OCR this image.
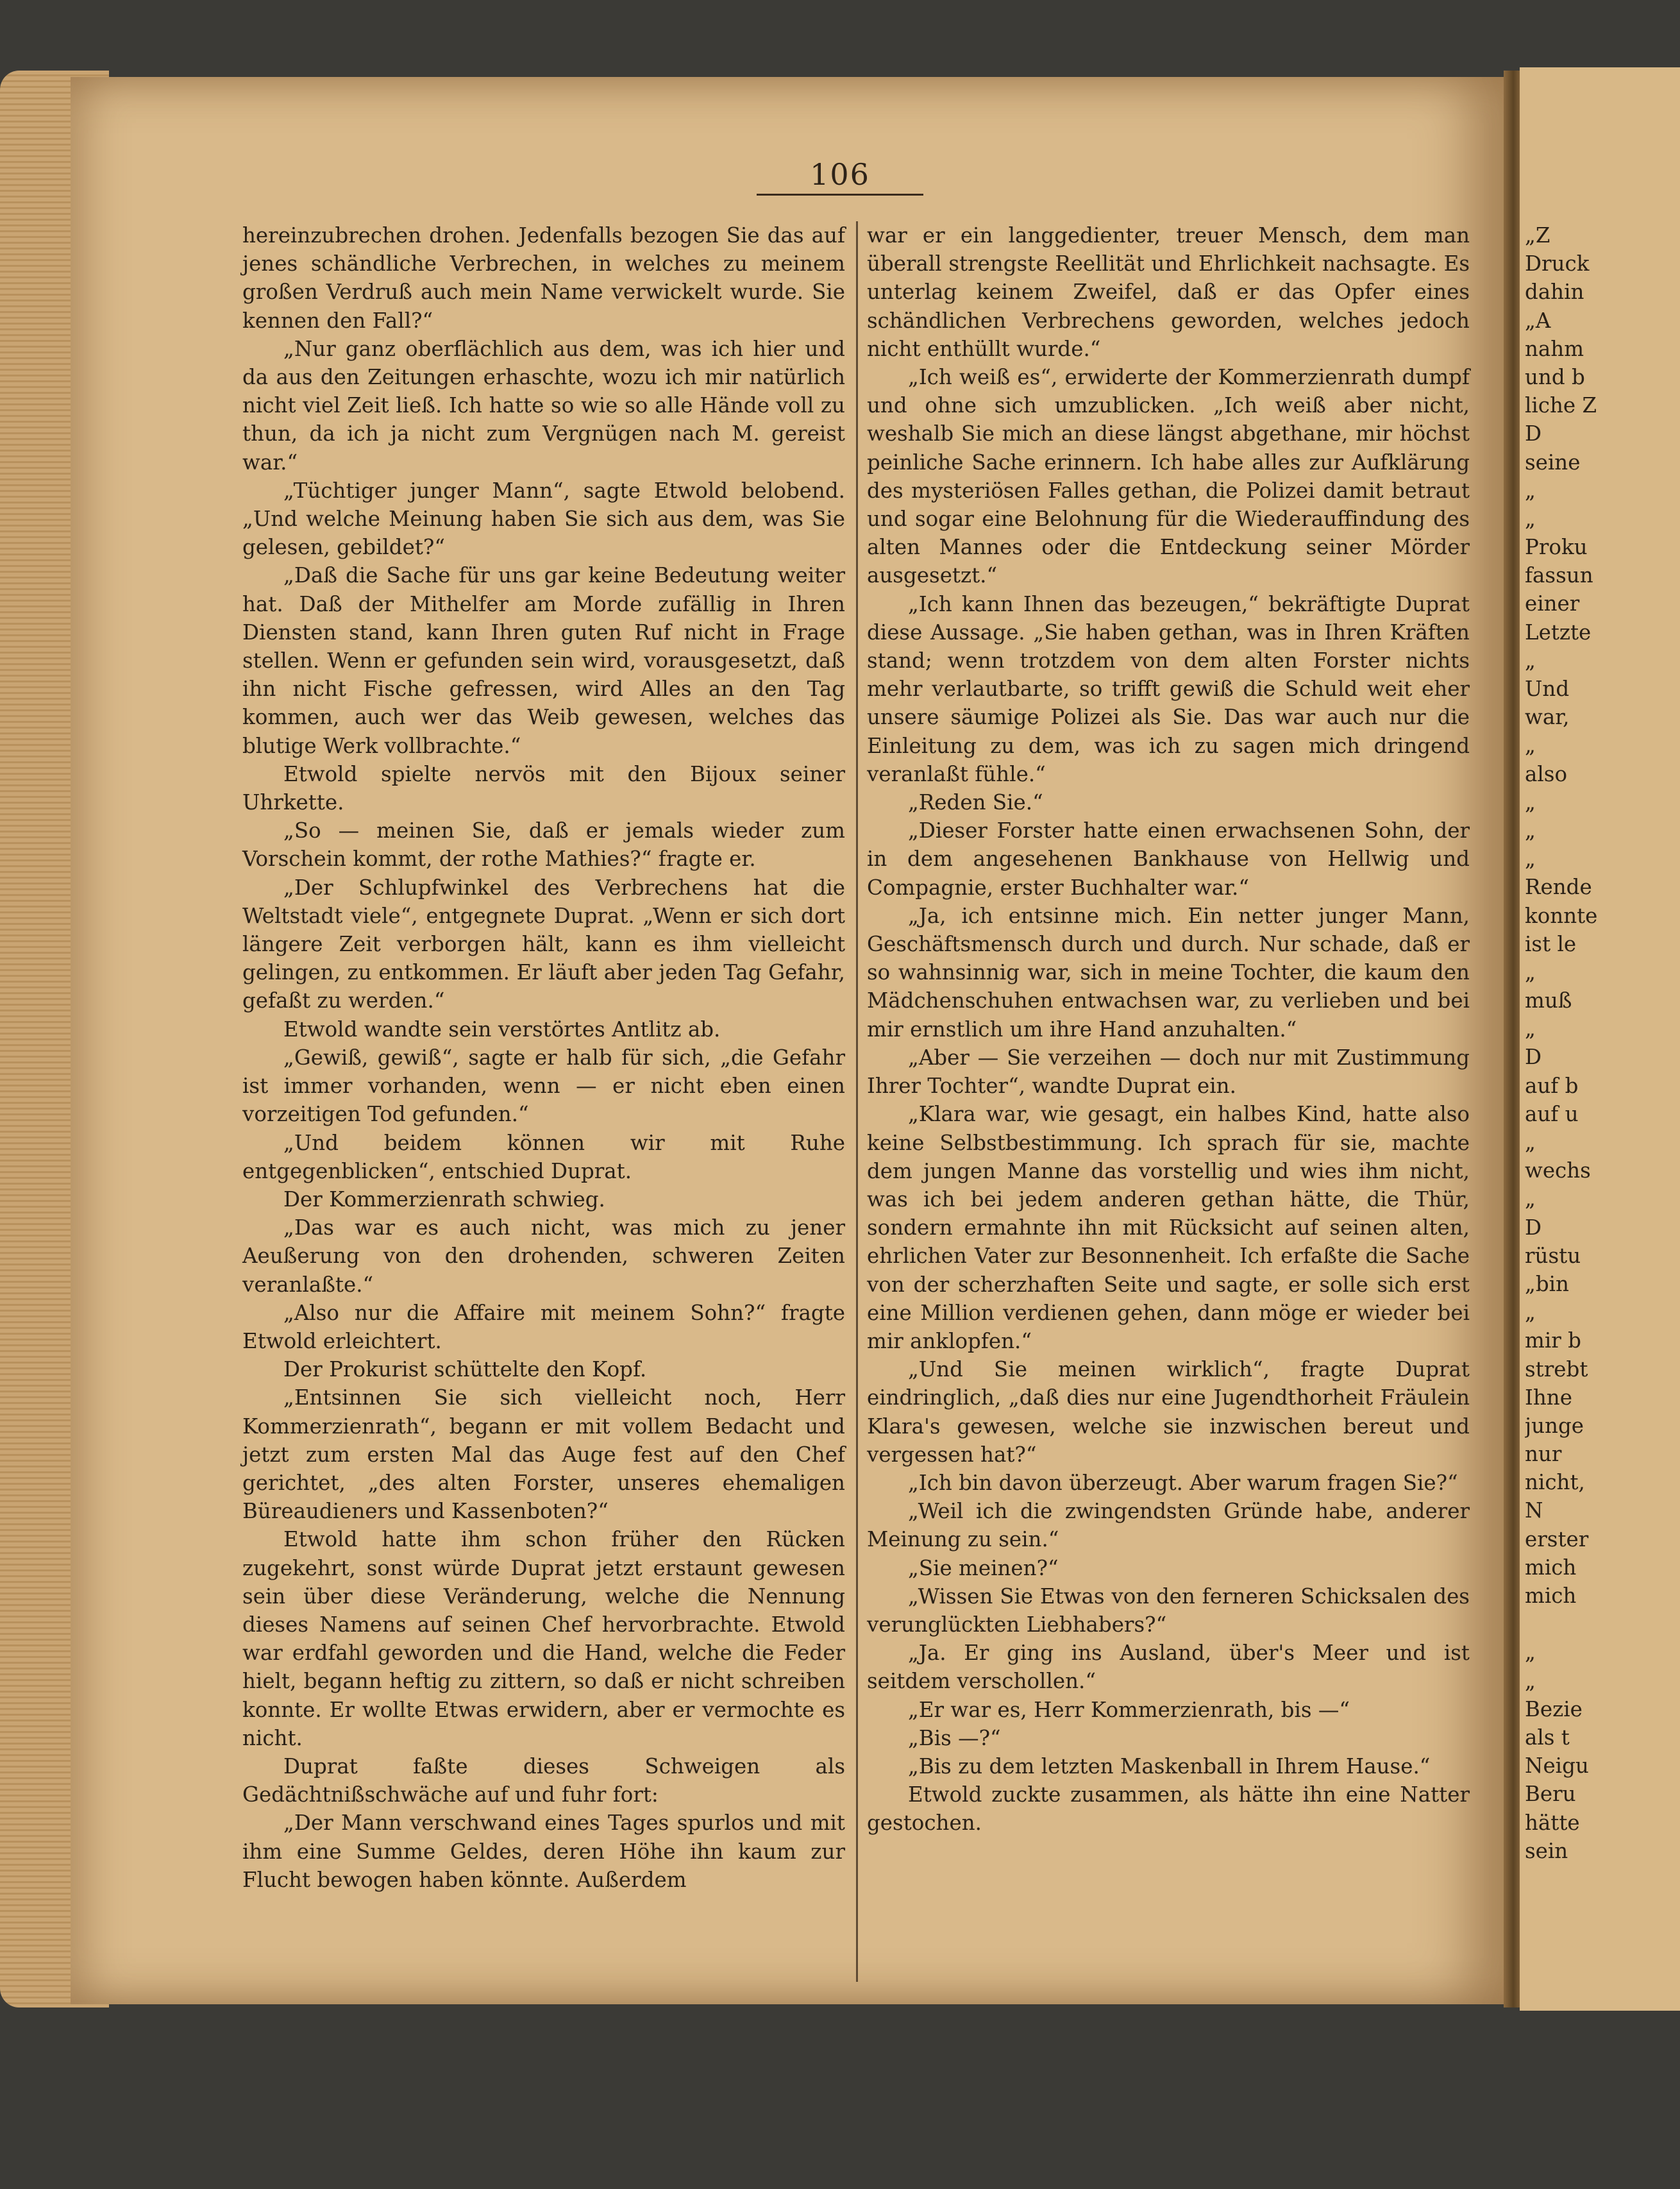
106

hereinzubrechen drohen. Jedenfalls bezogen Sie das auf jenes schändliche Verbrechen, in welches zu meinem großen Verdruß auch mein Name verwickelt wurde. Sie kennen den Fall?“

„Nur ganz oberflächlich aus dem, was ich hier und da aus den Zeitungen erhaschte, wozu ich mir natürlich nicht viel Zeit ließ. Ich hatte so wie so alle Hände voll zu thun, da ich ja nicht zum Vergnügen nach M. gereist war.“

„Tüchtiger junger Mann“, sagte Etwold belobend. „Und welche Meinung haben Sie sich aus dem, was Sie gelesen, gebildet?“

„Daß die Sache für uns gar keine Bedeutung weiter hat. Daß der Mithelfer am Morde zufällig in Ihren Diensten stand, kann Ihren guten Ruf nicht in Frage stellen. Wenn er gefunden sein wird, vorausgesetzt, daß ihn nicht Fische gefressen, wird Alles an den Tag kommen, auch wer das Weib gewesen, welches das blutige Werk vollbrachte.“

Etwold spielte nervös mit den Bijoux seiner Uhrkette.

„So — meinen Sie, daß er jemals wieder zum Vorschein kommt, der rothe Mathies?“ fragte er.

„Der Schlupfwinkel des Verbrechens hat die Weltstadt viele“, entgegnete Duprat. „Wenn er sich dort längere Zeit verborgen hält, kann es ihm vielleicht gelingen, zu entkommen. Er läuft aber jeden Tag Gefahr, gefaßt zu werden.“

Etwold wandte sein verstörtes Antlitz ab.

„Gewiß, gewiß“, sagte er halb für sich, „die Gefahr ist immer vorhanden, wenn — er nicht eben einen vorzeitigen Tod gefunden.“

„Und beidem können wir mit Ruhe entgegenblicken“, entschied Duprat.

Der Kommerzienrath schwieg.

„Das war es auch nicht, was mich zu jener Aeußerung von den drohenden, schweren Zeiten veranlaßte.“

„Also nur die Affaire mit meinem Sohn?“ fragte Etwold erleichtert.

Der Prokurist schüttelte den Kopf.

„Entsinnen Sie sich vielleicht noch, Herr Kommerzienrath“, begann er mit vollem Bedacht und jetzt zum ersten Mal das Auge fest auf den Chef gerichtet, „des alten Forster, unseres ehemaligen Büreaudieners und Kassenboten?“

Etwold hatte ihm schon früher den Rücken zugekehrt, sonst würde Duprat jetzt erstaunt gewesen sein über diese Veränderung, welche die Nennung dieses Namens auf seinen Chef hervorbrachte. Etwold war erdfahl geworden und die Hand, welche die Feder hielt, begann heftig zu zittern, so daß er nicht schreiben konnte. Er wollte Etwas erwidern, aber er vermochte es nicht.

Duprat faßte dieses Schweigen als Gedächtnißschwäche auf und fuhr fort:

„Der Mann verschwand eines Tages spurlos und mit ihm eine Summe Geldes, deren Höhe ihn kaum zur Flucht bewogen haben könnte. Außerdem

war er ein langgedienter, treuer Mensch, dem man überall strengste Reellität und Ehrlichkeit nachsagte. Es unterlag keinem Zweifel, daß er das Opfer eines schändlichen Verbrechens geworden, welches jedoch nicht enthüllt wurde.“

„Ich weiß es“, erwiderte der Kommerzienrath dumpf und ohne sich umzublicken. „Ich weiß aber nicht, weshalb Sie mich an diese längst abgethane, mir höchst peinliche Sache erinnern. Ich habe alles zur Aufklärung des mysteriösen Falles gethan, die Polizei damit betraut und sogar eine Belohnung für die Wiederauffindung des alten Mannes oder die Entdeckung seiner Mörder ausgesetzt.“

„Ich kann Ihnen das bezeugen,“ bekräftigte Duprat diese Aussage. „Sie haben gethan, was in Ihren Kräften stand; wenn trotzdem von dem alten Forster nichts mehr verlautbarte, so trifft gewiß die Schuld weit eher unsere säumige Polizei als Sie. Das war auch nur die Einleitung zu dem, was ich zu sagen mich dringend veranlaßt fühle.“

„Reden Sie.“

„Dieser Forster hatte einen erwachsenen Sohn, der in dem angesehenen Bankhause von Hellwig und Compagnie, erster Buchhalter war.“

„Ja, ich entsinne mich. Ein netter junger Mann, Geschäftsmensch durch und durch. Nur schade, daß er so wahnsinnig war, sich in meine Tochter, die kaum den Mädchenschuhen entwachsen war, zu verlieben und bei mir ernstlich um ihre Hand anzuhalten.“

„Aber — Sie verzeihen — doch nur mit Zustimmung Ihrer Tochter“, wandte Duprat ein.

„Klara war, wie gesagt, ein halbes Kind, hatte also keine Selbstbestimmung. Ich sprach für sie, machte dem jungen Manne das vorstellig und wies ihm nicht, was ich bei jedem anderen gethan hätte, die Thür, sondern ermahnte ihn mit Rücksicht auf seinen alten, ehrlichen Vater zur Besonnenheit. Ich erfaßte die Sache von der scherzhaften Seite und sagte, er solle sich erst eine Million verdienen gehen, dann möge er wieder bei mir anklopfen.“

„Und Sie meinen wirklich“, fragte Duprat eindringlich, „daß dies nur eine Jugendthorheit Fräulein Klara's gewesen, welche sie inzwischen bereut und vergessen hat?“

„Ich bin davon überzeugt. Aber warum fragen Sie?“

„Weil ich die zwingendsten Gründe habe, anderer Meinung zu sein.“

„Sie meinen?“

„Wissen Sie Etwas von den ferneren Schicksalen des verunglückten Liebhabers?“

„Ja. Er ging ins Ausland, über's Meer und ist seitdem verschollen.“

„Er war es, Herr Kommerzienrath, bis —“

„Bis —?“

„Bis zu dem letzten Maskenball in Ihrem Hause.“

Etwold zuckte zusammen, als hätte ihn eine Natter gestochen.

„Z
Druck
dahin
„A
nahm
und b
liche Z
D
seine
„
„
Proku
fassun
einer
Letzte
„
Und
war,
„
also
„
„
„
Rende
konnte
ist le
„
muß
„
D
auf b
auf u
„
wechs
„
D
rüstu
„bin
„
mir b
strebt
Ihne
junge
nur
nicht,
N
erster
mich
mich
„
„
Bezie
als t
Neigu
Beru
hätte
sein
